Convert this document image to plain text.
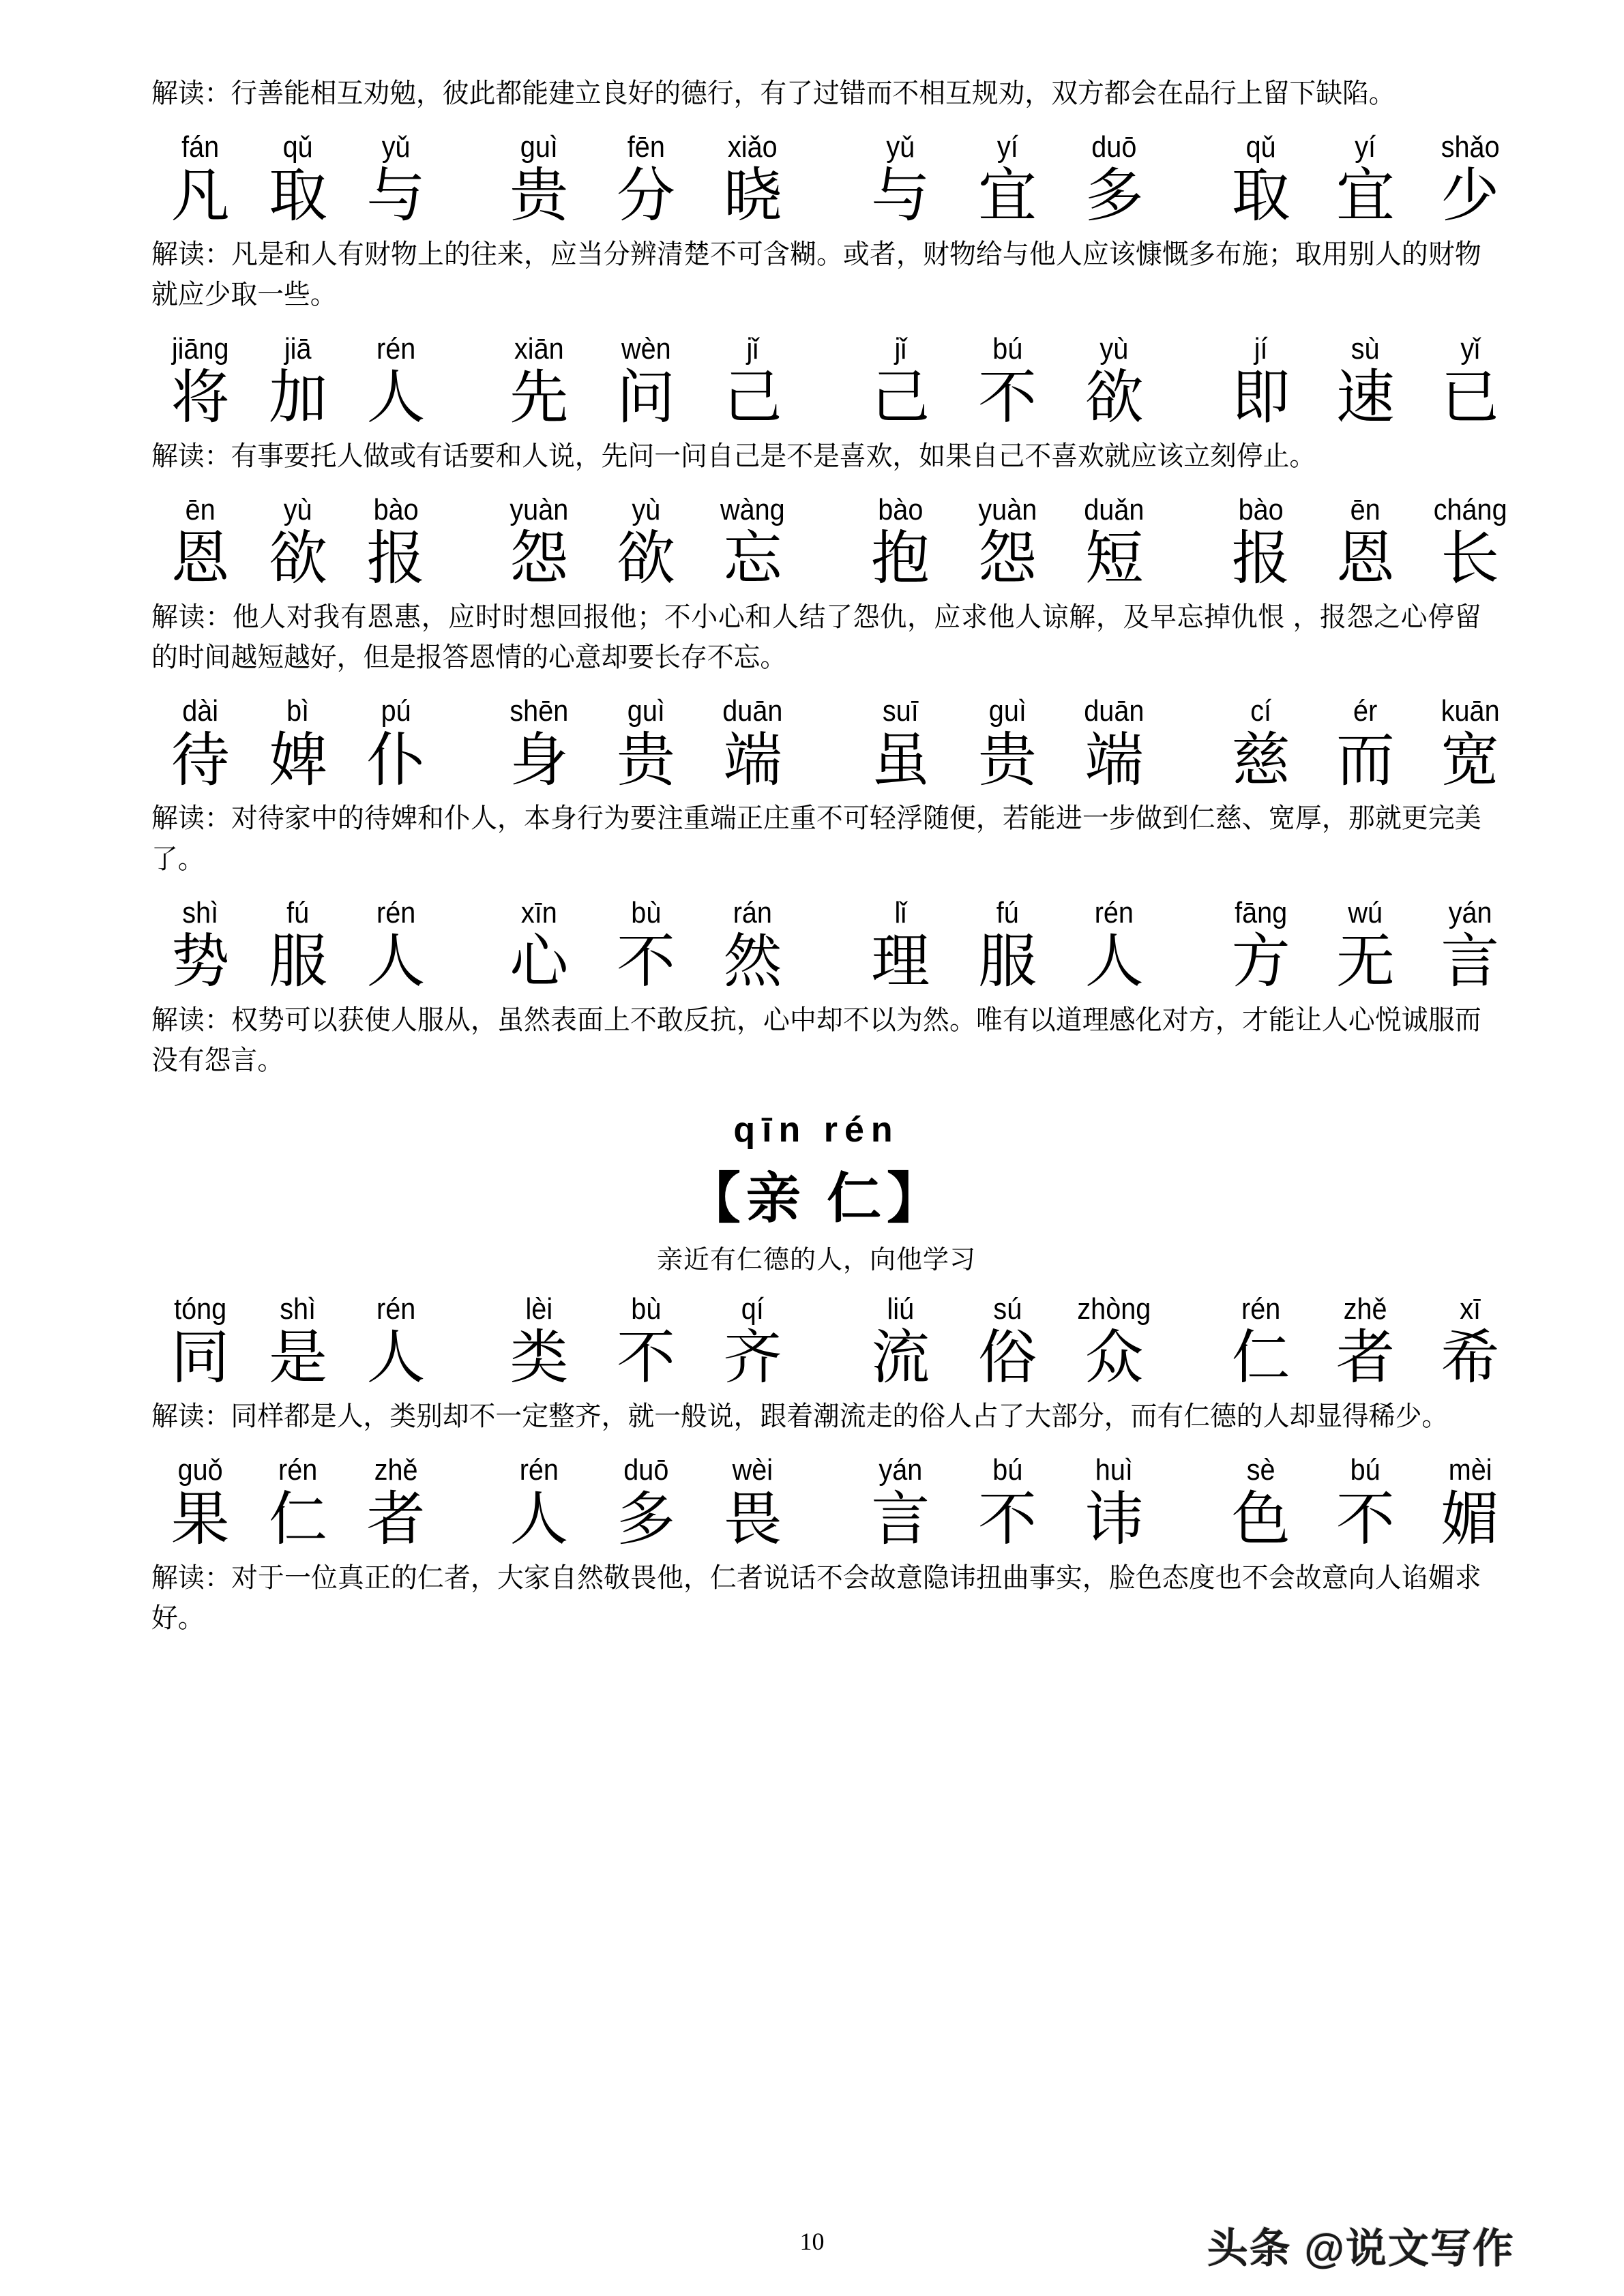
解读：行善能相互劝勉，彼此都能建立良好的德行，有了过错而不相互规劝，双方都会在品行上留下缺陷。

fán	qǔ	yǔ	guì	fēn	xiǎo	yǔ	yí	duō	qǔ	yí	shǎo
凡 取 与	贵 分 晓	与 宜 多	取 宜 少

解读：凡是和人有财物上的往来，应当分辨清楚不可含糊。或者，财物给与他人应该慷慨多布施；取用别人的财物就应少取一些。

jiāng	jiā	rén	xiān	wèn	jǐ	jǐ	bú	yù	jí	sù	yǐ
将 加 人	先 问 己	己 不 欲	即 速 已

解读：有事要托人做或有话要和人说，先问一问自己是不是喜欢，如果自己不喜欢就应该立刻停止。

ēn	yù	bào	yuàn	yù	wàng	bào	yuàn	duǎn	bào	ēn	cháng
恩 欲 报	怨 欲 忘	抱 怨 短	报 恩 长

解读：他人对我有恩惠，应时时想回报他；不小心和人结了怨仇，应求他人谅解，及早忘掉仇恨 ，报怨之心停留的时间越短越好，但是报答恩情的心意却要长存不忘。

dài	bì	pú	shēn	guì	duān	suī	guì	duān	cí	ér	kuān
待 婢 仆	身 贵 端	虽 贵 端	慈 而 宽

解读：对待家中的待婢和仆人，本身行为要注重端正庄重不可轻浮随便，若能进一步做到仁慈、宽厚，那就更完美了。

shì	fú	rén	xīn	bù	rán	lǐ	fú	rén	fāng	wú	yán
势 服 人	心 不 然	理 服 人	方 无 言

解读：权势可以获使人服从，虽然表面上不敢反抗，心中却不以为然。唯有以道理感化对方，才能让人心悦诚服而没有怨言。

qīn rén
【亲 仁】
亲近有仁德的人，向他学习
tóng	shì	rén	lèi	bù	qí	liú	sú	zhòng	rén	zhě	xī
同 是 人	类 不 齐	流 俗 众	仁 者 希

解读：同样都是人，类别却不一定整齐，就一般说，跟着潮流走的俗人占了大部分，而有仁德的人却显得稀少。

guǒ	rén	zhě	rén	duō	wèi	yán	bú	huì	sè	bú	mèi
果 仁 者	人 多 畏	言 不 讳	色 不 媚

解读：对于一位真正的仁者，大家自然敬畏他，仁者说话不会故意隐讳扭曲事实，脸色态度也不会故意向人谄媚求好。

10	头条 @说文写作
